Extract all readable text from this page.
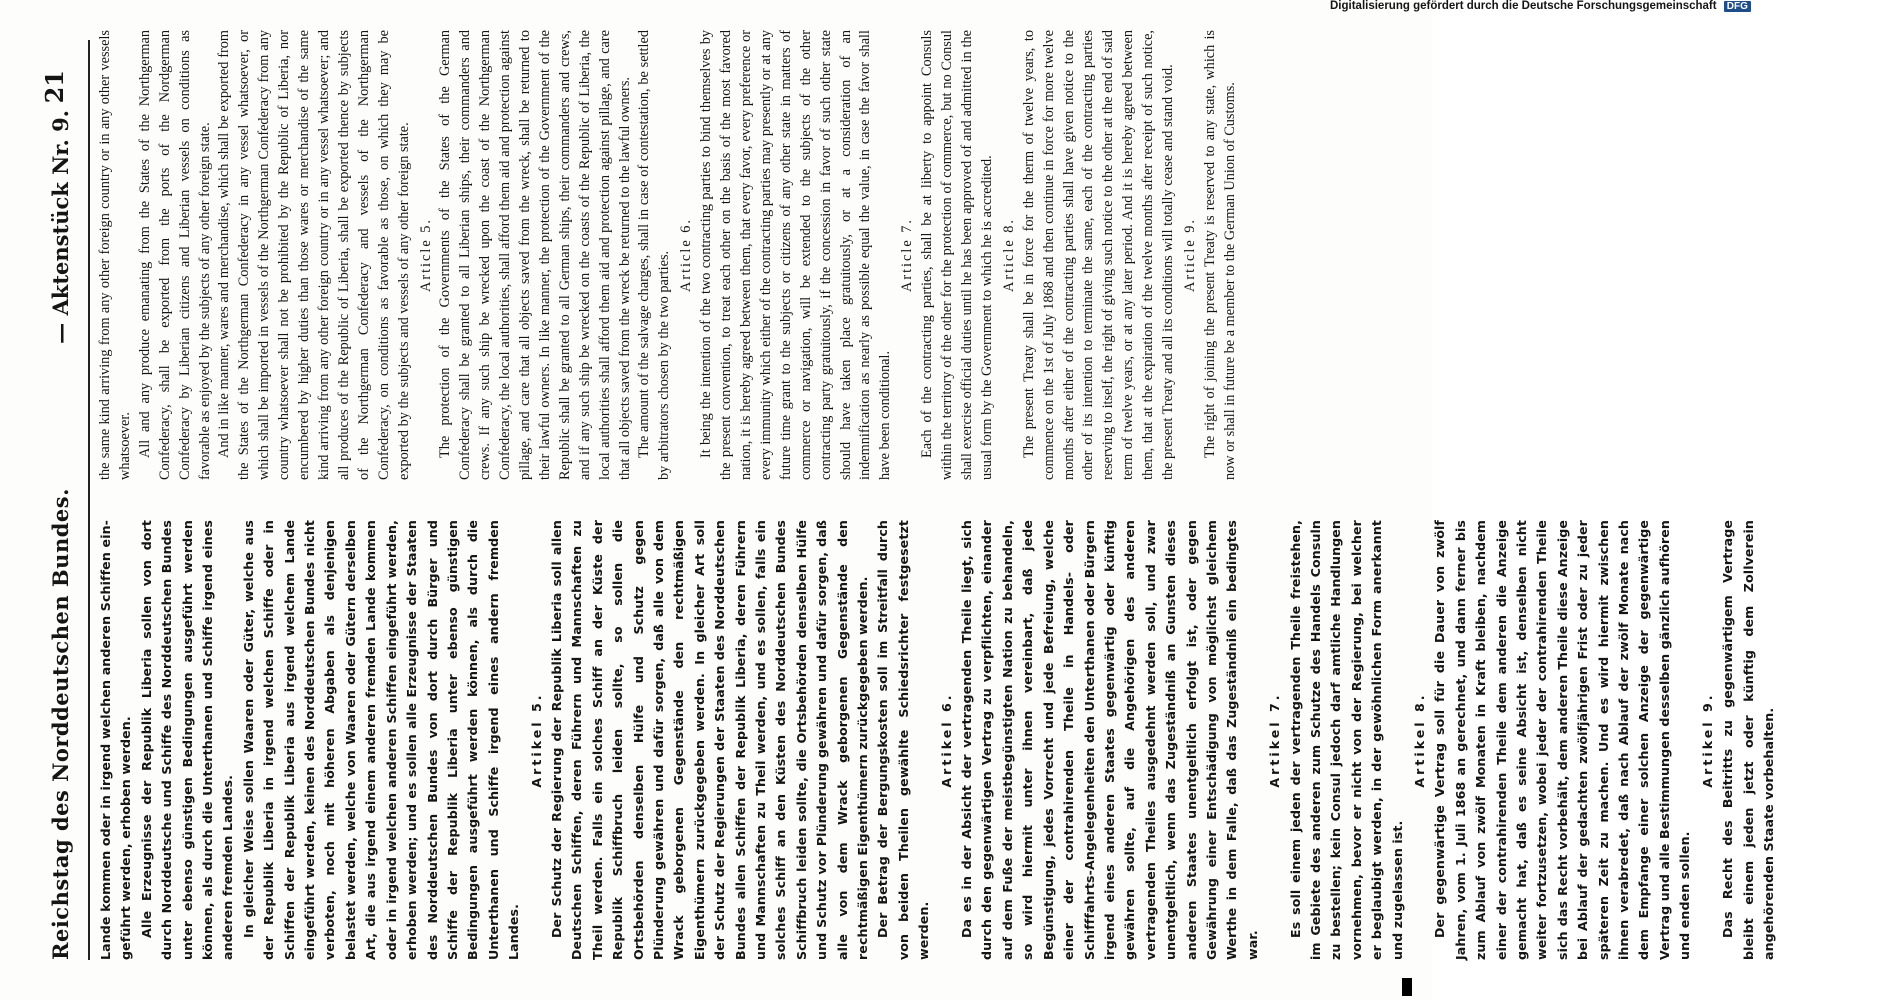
Reichstag des Norddeutschen Bundes.
— Aktenstück Nr. 9.
21

Lande kommen oder in irgend welchen anderen Schiffen ein-geführt werden, erhoben werden. Alle Erzeugnisse der Republik Liberia sollen von dort durch Norddeutsche und Schiffe des Norddeutschen Bundes unter ebenso günstigen Bedingungen ausgeführt werden können, als durch die Unterthanen und Schiffe irgend eines anderen fremden Landes. In gleicher Weise sollen Waaren oder Güter, welche aus der Republik Liberia in irgend welchen Schiffe oder in Schiffen der Republik Liberia aus irgend welchem Lande eingeführt werden, keinen des Norddeutschen Bundes nicht verboten, noch mit höheren Abgaben als denjenigen belastet werden, welche von Waaren oder Gütern derselben Art, die aus irgend einem anderen fremden Lande kommen oder in irgend welchen anderen Schiffen eingeführt werden, erhoben werden; und es sollen alle Erzeugnisse der Staaten des Norddeutschen Bundes von dort durch Bürger und Schiffe der Republik Liberia unter ebenso günstigen Bedingungen ausgeführt werden können, als durch die Unterthanen und Schiffe irgend eines andern fremden Landes.

Artikel 5. Der Schutz der Regierung der Republik Liberia soll allen Deutschen Schiffen, deren Führern und Mannschaften zu Theil werden. Falls ein solches Schiff an der Küste der Republik Schiffbruch leiden sollte, so sollen die Ortsbehörden denselben Hülfe und Schutz gegen Plünderung gewähren und dafür sorgen, daß alle von dem Wrack geborgenen Gegenstände den rechtmäßigen Eigenthümern zurückgegeben werden. In gleicher Art soll der Schutz der Regierungen der Staaten des Norddeutschen Bundes allen Schiffen der Republik Liberia, deren Führern und Mannschaften zu Theil werden, und es sollen, falls ein solches Schiff an den Küsten des Norddeutschen Bundes Schiffbruch leiden sollte, die Ortsbehörden denselben Hülfe und Schutz vor Plünderung gewähren und dafür sorgen, daß alle von dem Wrack geborgenen Gegenstände den rechtmäßigen Eigenthümern zurückgegeben werden. Der Betrag der Bergungskosten soll im Streitfall durch von beiden Theilen gewählte Schiedsrichter festgesetzt werden.

Artikel 6. Da es in der Absicht der vertragenden Theile liegt, sich durch den gegenwärtigen Vertrag zu verpflichten, einander auf dem Fuße der meistbegünstigten Nation zu behandeln, so wird hiermit unter ihnen vereinbart, daß jede Begünstigung, jedes Vorrecht und jede Befreiung, welche einer der contrahirenden Theile in Handels- oder Schifffahrts-Angelegenheiten den Unterthanen oder Bürgern irgend eines anderen Staates gegenwärtig oder künftig gewähren sollte, auf die Angehörigen des anderen vertragenden Theiles ausgedehnt werden soll, und zwar unentgeltlich, wenn das Zugeständniß an Gunsten dieses anderen Staates unentgeltlich erfolgt ist, oder gegen Gewährung einer Entschädigung von möglichst gleichem Werthe in dem Falle, daß das Zugeständniß ein bedingtes war.

Artikel 7. Es soll einem jeden der vertragenden Theile freistehen, im Gebiete des anderen zum Schutze des Handels Consuln zu bestellen; kein Consul jedoch darf amtliche Handlungen vornehmen, bevor er nicht von der Regierung, bei welcher er beglaubigt werden, in der gewöhnlichen Form anerkannt und zugelassen ist.

Artikel 8. Der gegenwärtige Vertrag soll für die Dauer von zwölf Jahren, vom 1. Juli 1868 an gerechnet, und dann ferner bis zum Ablauf von zwölf Monaten in Kraft bleiben, nachdem einer der contrahirenden Theile dem anderen die Anzeige gemacht hat, daß es seine Absicht ist, denselben nicht weiter fortzusetzen, wobei jeder der contrahirenden Theile sich das Recht vorbehält, dem anderen Theile diese Anzeige bei Ablauf der gedachten zwölfjährigen Frist oder zu jeder späteren Zeit zu machen. Und es wird hiermit zwischen ihnen verabredet, daß nach Ablauf der zwölf Monate nach dem Empfange einer solchen Anzeige der gegenwärtige Vertrag und alle Bestimmungen desselben gänzlich aufhören und enden sollen.

Artikel 9. Das Recht des Beitritts zu gegenwärtigem Vertrage bleibt einem jeden jetzt oder künftig dem Zollverein angehörenden Staate vorbehalten.

the same kind arriving from any other foreign country or in any other vessels whatsoever. All and any produce emanating from the States of the Northgerman Confederacy, shall be exported from the ports of the Nordgerman Confederacy by Liberian citizens and Liberian vessels on conditions as favorable as enjoyed by the subjects of any other foreign state. And in like manner, wares and merchandise, which shall be exported from the States of the Northgerman Confederacy in any vessel whatsoever, or which shall be imported in vessels of the Northgerman Confederacy from any country whatsoever shall not be prohibited by the Republic of Liberia, nor encumbered by higher duties than those wares or merchandise of the same kind arriving from any other foreign country or in any vessel whatsoever; and all produces of the Republic of Liberia, shall be exported thence by subjects of the Northgerman Confederacy and vessels of the Northgerman Confederacy, on conditions as favorable as those, on which they may be exported by the subjects and vessels of any other foreign state. Article 5. The protection of the Governments of the States of the German Confederacy shall be granted to all Liberian ships, their commanders and crews. If any such ship be wrecked upon the coast of the Northgerman Confederacy, the local authorities, shall afford them aid and protection against pillage, and care that all objects saved from the wreck, shall be returned to their lawful owners. In like manner, the protection of the Government of the Republic shall be granted to all German ships, their commanders and crews, and if any such ship be wrecked on the coasts of the Republic of Liberia, the local authorities shall afford them aid and protection against pillage, and care that all objects saved from the wreck be returned to the lawful owners. The amount of the salvage charges, shall in case of contestation, be settled by arbitrators chosen by the two parties. Article 6. It being the intention of the two contracting parties to bind themselves by the present convention, to treat each other on the basis of the most favored nation, it is hereby agreed between them, that every favor, every preference or every immunity which either of the contracting parties may presently or at any future time grant to the subjects or citizens of any other state in matters of commerce or navigation, will be extended to the subjects of the other contracting party gratuitously, if the concession in favor of such other state should have taken place gratuitously, or at a consideration of an indemnification as nearly as possible equal the value, in case the favor shall have been conditional.

Article 7. Each of the contracting parties, shall be at liberty to appoint Consuls within the territory of the other for the protection of commerce, but no Consul shall exercise official duties until he has been approved of and admitted in the usual form by the Government to which he is accredited. Article 8. The present Treaty shall be in force for the therm of twelve years, to commence on the 1st of July 1868 and then continue in force for more twelve months after either of the contracting parties shall have given notice to the other of its intention to terminate the same, each of the contracting parties reserving to itself, the right of giving such notice to the other at the end of said term of twelve years, or at any later period. And it is hereby agreed between them, that at the expiration of the twelve months after receipt of such notice, the present Treaty and all its conditions will totally cease and stand void. Article 9. The right of joining the present Treaty is reserved to any state, which is now or shall in future be a member to the German Union of Customs.

Digitalisierung gefördert durch die Deutsche Forschungsgemeinschaft DFG
